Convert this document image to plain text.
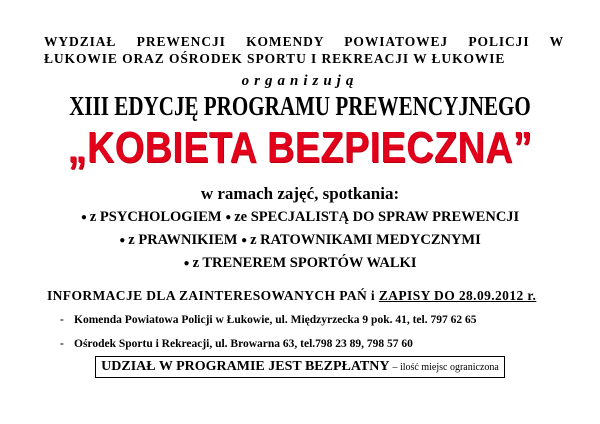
WYDZIAŁ PREWENCJI KOMENDY POWIATOWEJ POLICJI W
ŁUKOWIE ORAZ OŚRODEK SPORTU I REKREACJI W ŁUKOWIE
organizują
XIII EDYCJĘ PROGRAMU PREWENCYJNEGO
„KOBIETA BEZPIECZNA”
w ramach zajęć, spotkania:
● z PSYCHOLOGIEM ● ze SPECJALISTĄ DO SPRAW PREWENCJI
● z PRAWNIKIEM ● z RATOWNIKAMI MEDYCZNYMI
● z TRENEREM SPORTÓW WALKI
INFORMACJE DLA ZAINTERESOWANYCH PAŃ i ZAPISY DO 28.09.2012 r.
- Komenda Powiatowa Policji w Łukowie, ul. Międzyrzecka 9 pok. 41, tel. 797 62 65
- Ośrodek Sportu i Rekreacji, ul. Browarna 63, tel.798 23 89, 798 57 60
UDZIAŁ W PROGRAMIE JEST BEZPŁATNY – ilość miejsc ograniczona
